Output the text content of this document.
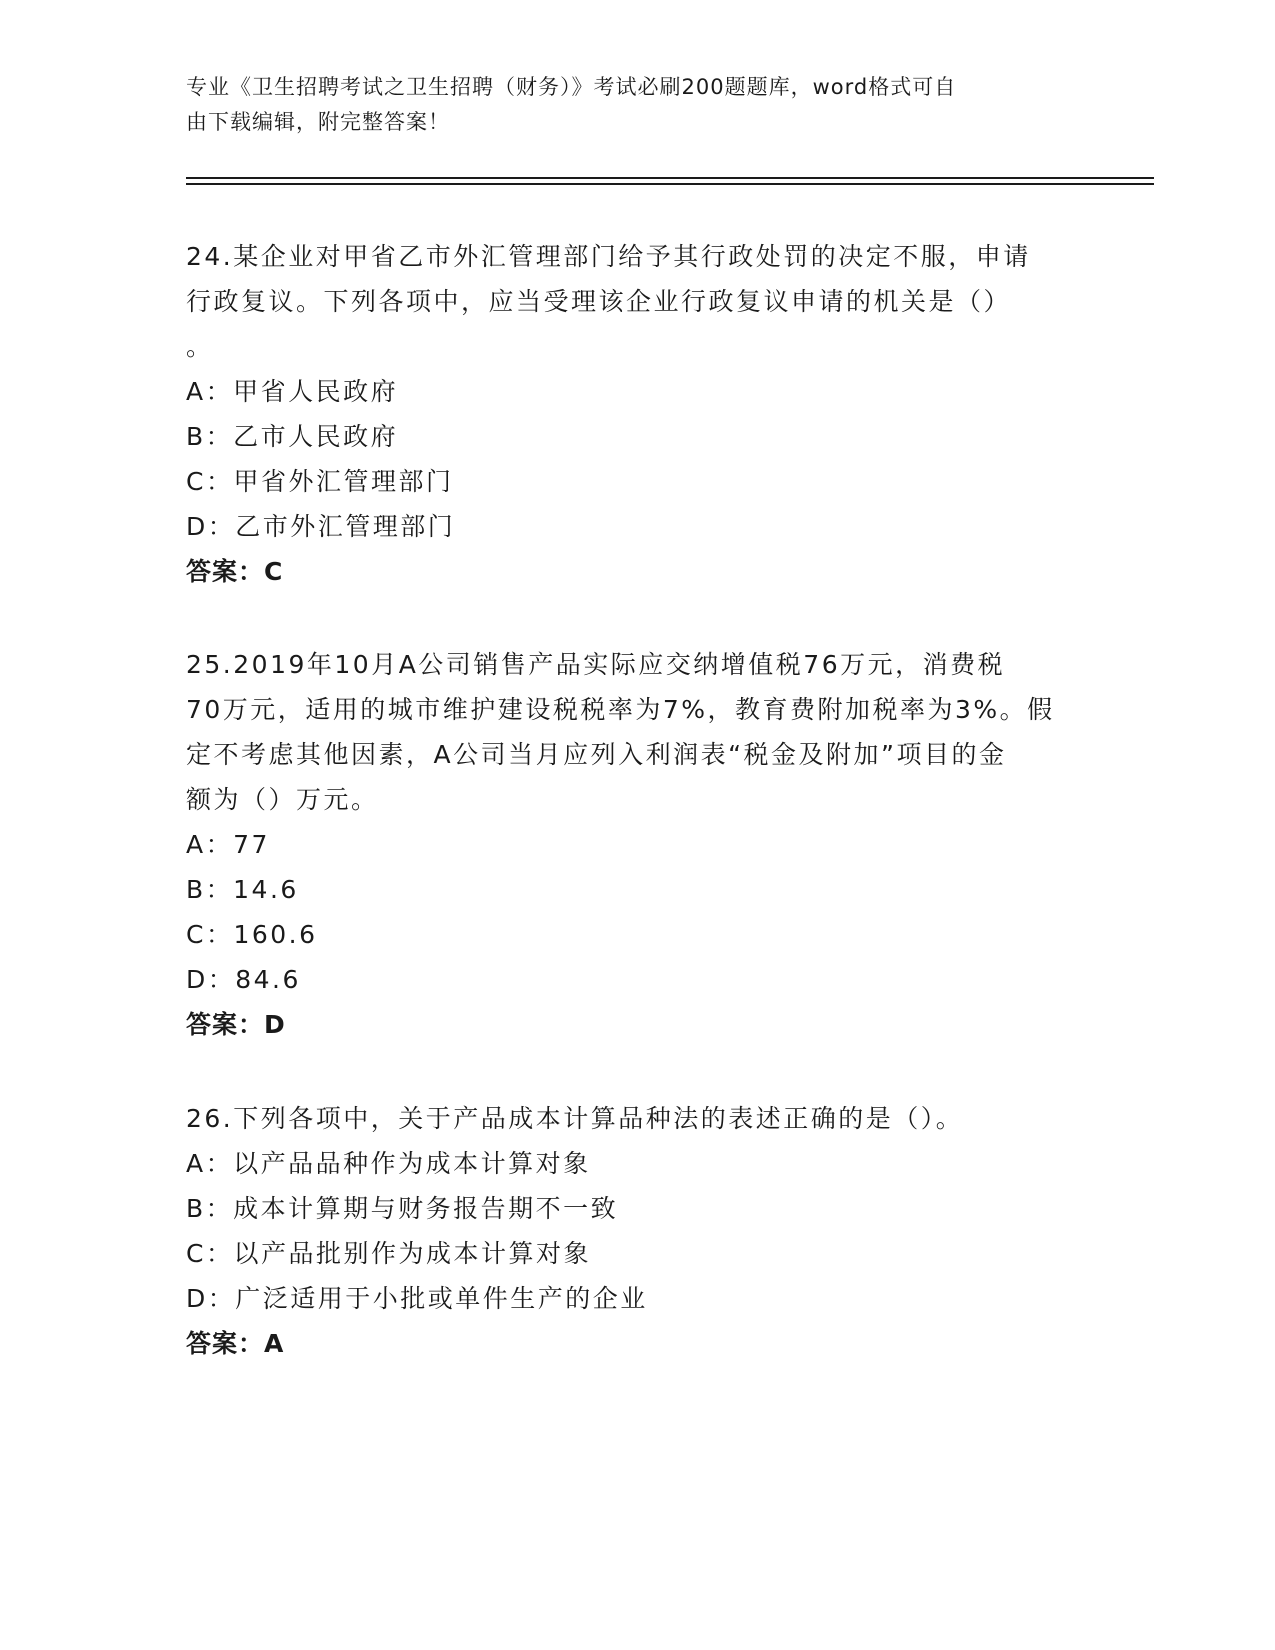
专业《卫生招聘考试之卫生招聘（财务）》考试必刷200题题库，word格式可自
由下载编辑，附完整答案！

24.某企业对甲省乙市外汇管理部门给予其行政处罚的决定不服，申请

行政复议。下列各项中，应当受理该企业行政复议申请的机关是（）

。

A：甲省人民政府

B：乙市人民政府

C：甲省外汇管理部门

D：乙市外汇管理部门

答案：C

25.2019年10月A公司销售产品实际应交纳增值税76万元，消费税

70万元，适用的城市维护建设税税率为7%，教育费附加税率为3%。假

定不考虑其他因素，A公司当月应列入利润表“税金及附加”项目的金

额为（）万元。

A：77

B：14.6

C：160.6

D：84.6

答案：D

26.下列各项中，关于产品成本计算品种法的表述正确的是（）。

A：以产品品种作为成本计算对象

B：成本计算期与财务报告期不一致

C：以产品批别作为成本计算对象

D：广泛适用于小批或单件生产的企业

答案：A
